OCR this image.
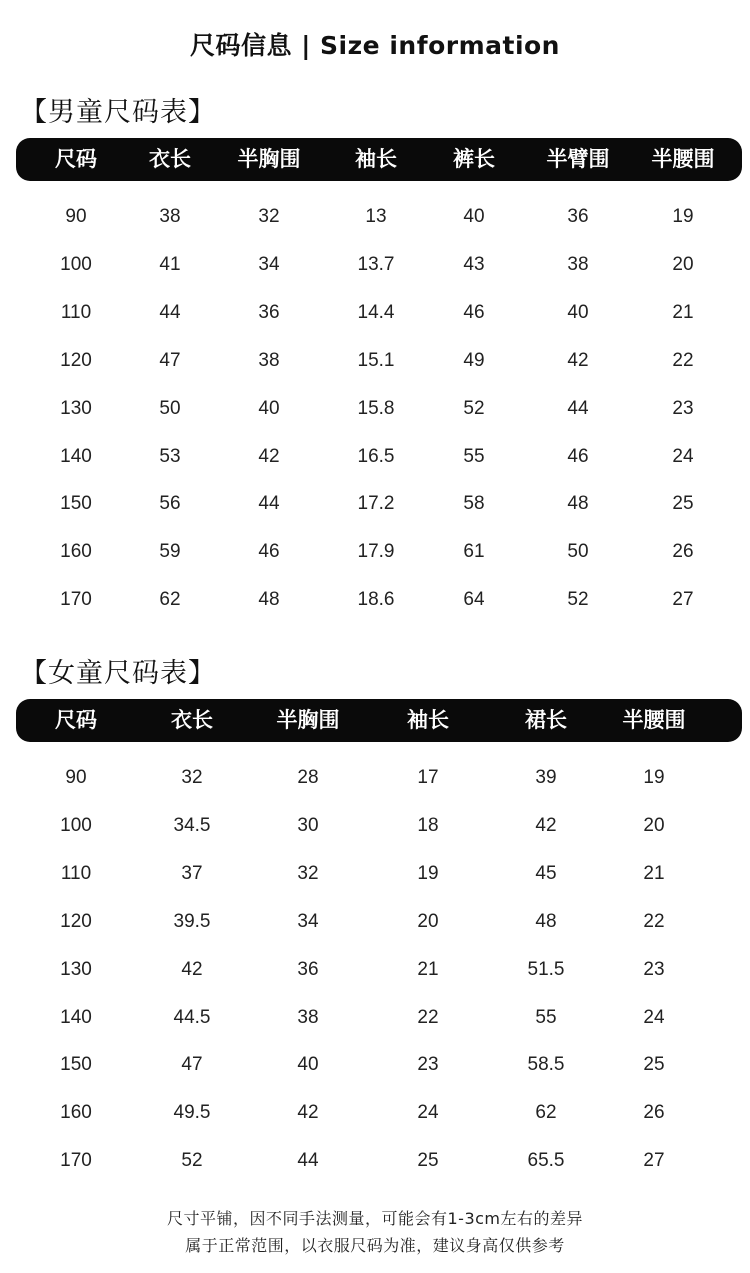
尺码信息 | Size information
【男童尺码表】
尺码 衣长 半胸围	袖长	裤长 半臂围 半腰围
90	38	32	13	40	36	19
100	41	34	13.7	43	38	20
110	44	36	14.4	46	40	21
120	47	38	15.1	49	42	22
130	50	40	15.8	52	44	23
140	53	42	16.5	55	46	24
150	56	44	17.2	58	48	25
160	59	46	17.9	61	50	26
170	62	48	18.6	64	52	27
【女童尺码表】
尺码	衣长	半胸围	袖长	裙长	半腰围
90	32	28	17	39	19
100	34.5	30	18	42	20
110	37	32	19	45	21
120	39.5	34	20	48	22
130	42	36	21	51.5	23
140	44.5	38	22	55	24
150	47	40	23	58.5	25
160	49.5	42	24	62	26
170	52	44	25	65.5	27
尺寸平铺，因不同手法测量，可能会有1-3cm左右的差异
属于正常范围，以衣服尺码为准，建议身高仅供参考
